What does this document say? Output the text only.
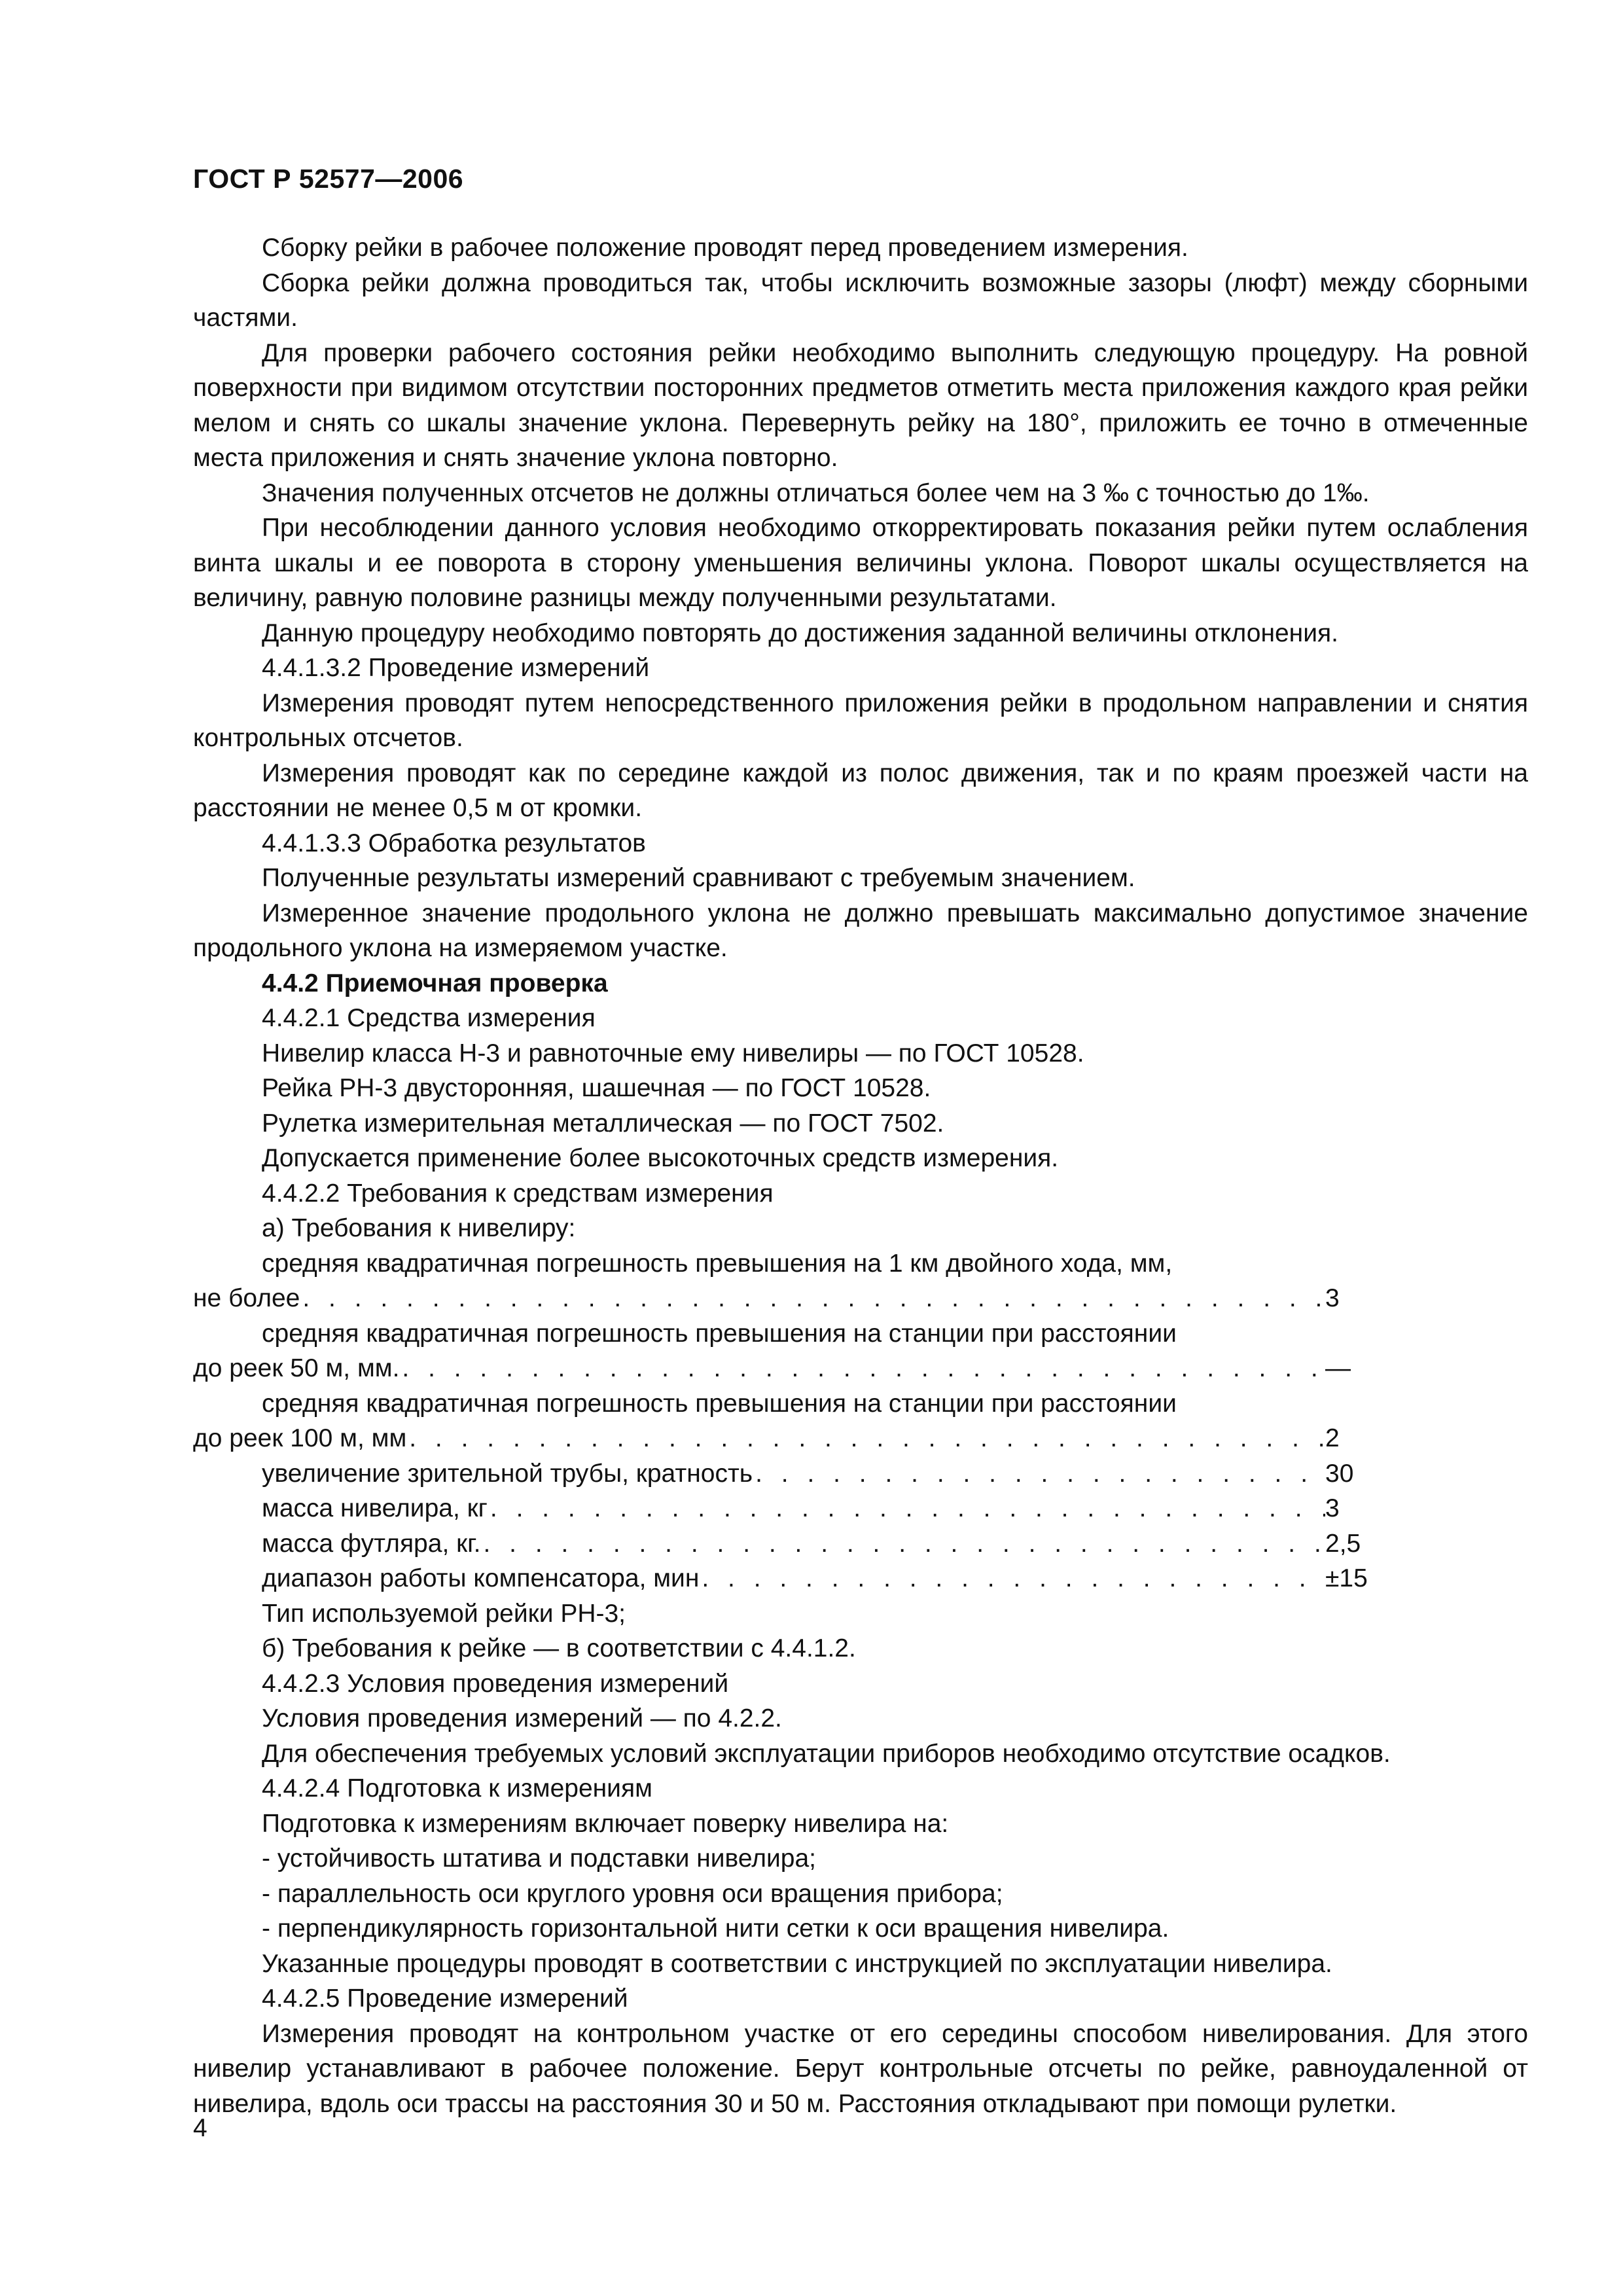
ГОСТ Р 52577—2006

Сборку рейки в рабочее положение проводят перед проведением измерения.

Сборка рейки должна проводиться так, чтобы исключить возможные зазоры (люфт) между сборными частями.

Для проверки рабочего состояния рейки необходимо выполнить следующую процедуру. На ровной поверхности при видимом отсутствии посторонних предметов отметить места приложения каждого края рейки мелом и снять со шкалы значение уклона. Перевернуть рейку на 180°, приложить ее точно в отмеченные места приложения и снять значение уклона повторно.

Значения полученных отсчетов не должны отличаться более чем на 3 ‰ с точностью до 1‰.

При несоблюдении данного условия необходимо откорректировать показания рейки путем ослабления винта шкалы и ее поворота в сторону уменьшения величины уклона. Поворот шкалы осуществляется на величину, равную половине разницы между полученными результатами.

Данную процедуру необходимо повторять до достижения заданной величины отклонения.

4.4.1.3.2 Проведение измерений

Измерения проводят путем непосредственного приложения рейки в продольном направлении и снятия контрольных отсчетов.

Измерения проводят как по середине каждой из полос движения, так и по краям проезжей части на расстоянии не менее 0,5 м от кромки.

4.4.1.3.3 Обработка результатов

Полученные результаты измерений сравнивают с требуемым значением.

Измеренное значение продольного уклона не должно превышать максимально допустимое значение продольного уклона на измеряемом участке.

4.4.2 Приемочная проверка

4.4.2.1 Средства измерения

Нивелир класса Н-3 и равноточные ему нивелиры — по ГОСТ 10528.

Рейка РН-3 двусторонняя, шашечная — по ГОСТ 10528.

Рулетка измерительная металлическая — по ГОСТ 7502.

Допускается применение более высокоточных средств измерения.

4.4.2.2 Требования к средствам измерения

а) Требования к нивелиру:

средняя квадратичная погрешность превышения на 1 км двойного хода, мм,

не более . . .	3

средняя квадратичная погрешность превышения на станции при расстоянии

до реек 50 м, мм. . . .	—

средняя квадратичная погрешность превышения на станции при расстоянии

до реек 100 м, мм . . .	2
увеличение зрительной трубы, кратность . . .	30
масса нивелира, кг . . .	3
масса футляра, кг. . . .	2,5
диапазон работы компенсатора, мин . . .	±15

Тип используемой рейки РН-3;

б) Требования к рейке — в соответствии с 4.4.1.2.

4.4.2.3 Условия проведения измерений

Условия проведения измерений — по 4.2.2.

Для обеспечения требуемых условий эксплуатации приборов необходимо отсутствие осадков.

4.4.2.4 Подготовка к измерениям

Подготовка к измерениям включает поверку нивелира на:

- устойчивость штатива и подставки нивелира;

- параллельность оси круглого уровня оси вращения прибора;

- перпендикулярность горизонтальной нити сетки к оси вращения нивелира.

Указанные процедуры проводят в соответствии с инструкцией по эксплуатации нивелира.

4.4.2.5 Проведение измерений

Измерения проводят на контрольном участке от его середины способом нивелирования. Для этого нивелир устанавливают в рабочее положение. Берут контрольные отсчеты по рейке, равноудаленной от нивелира, вдоль оси трассы на расстояния 30 и 50 м. Расстояния откладывают при помощи рулетки.

4
